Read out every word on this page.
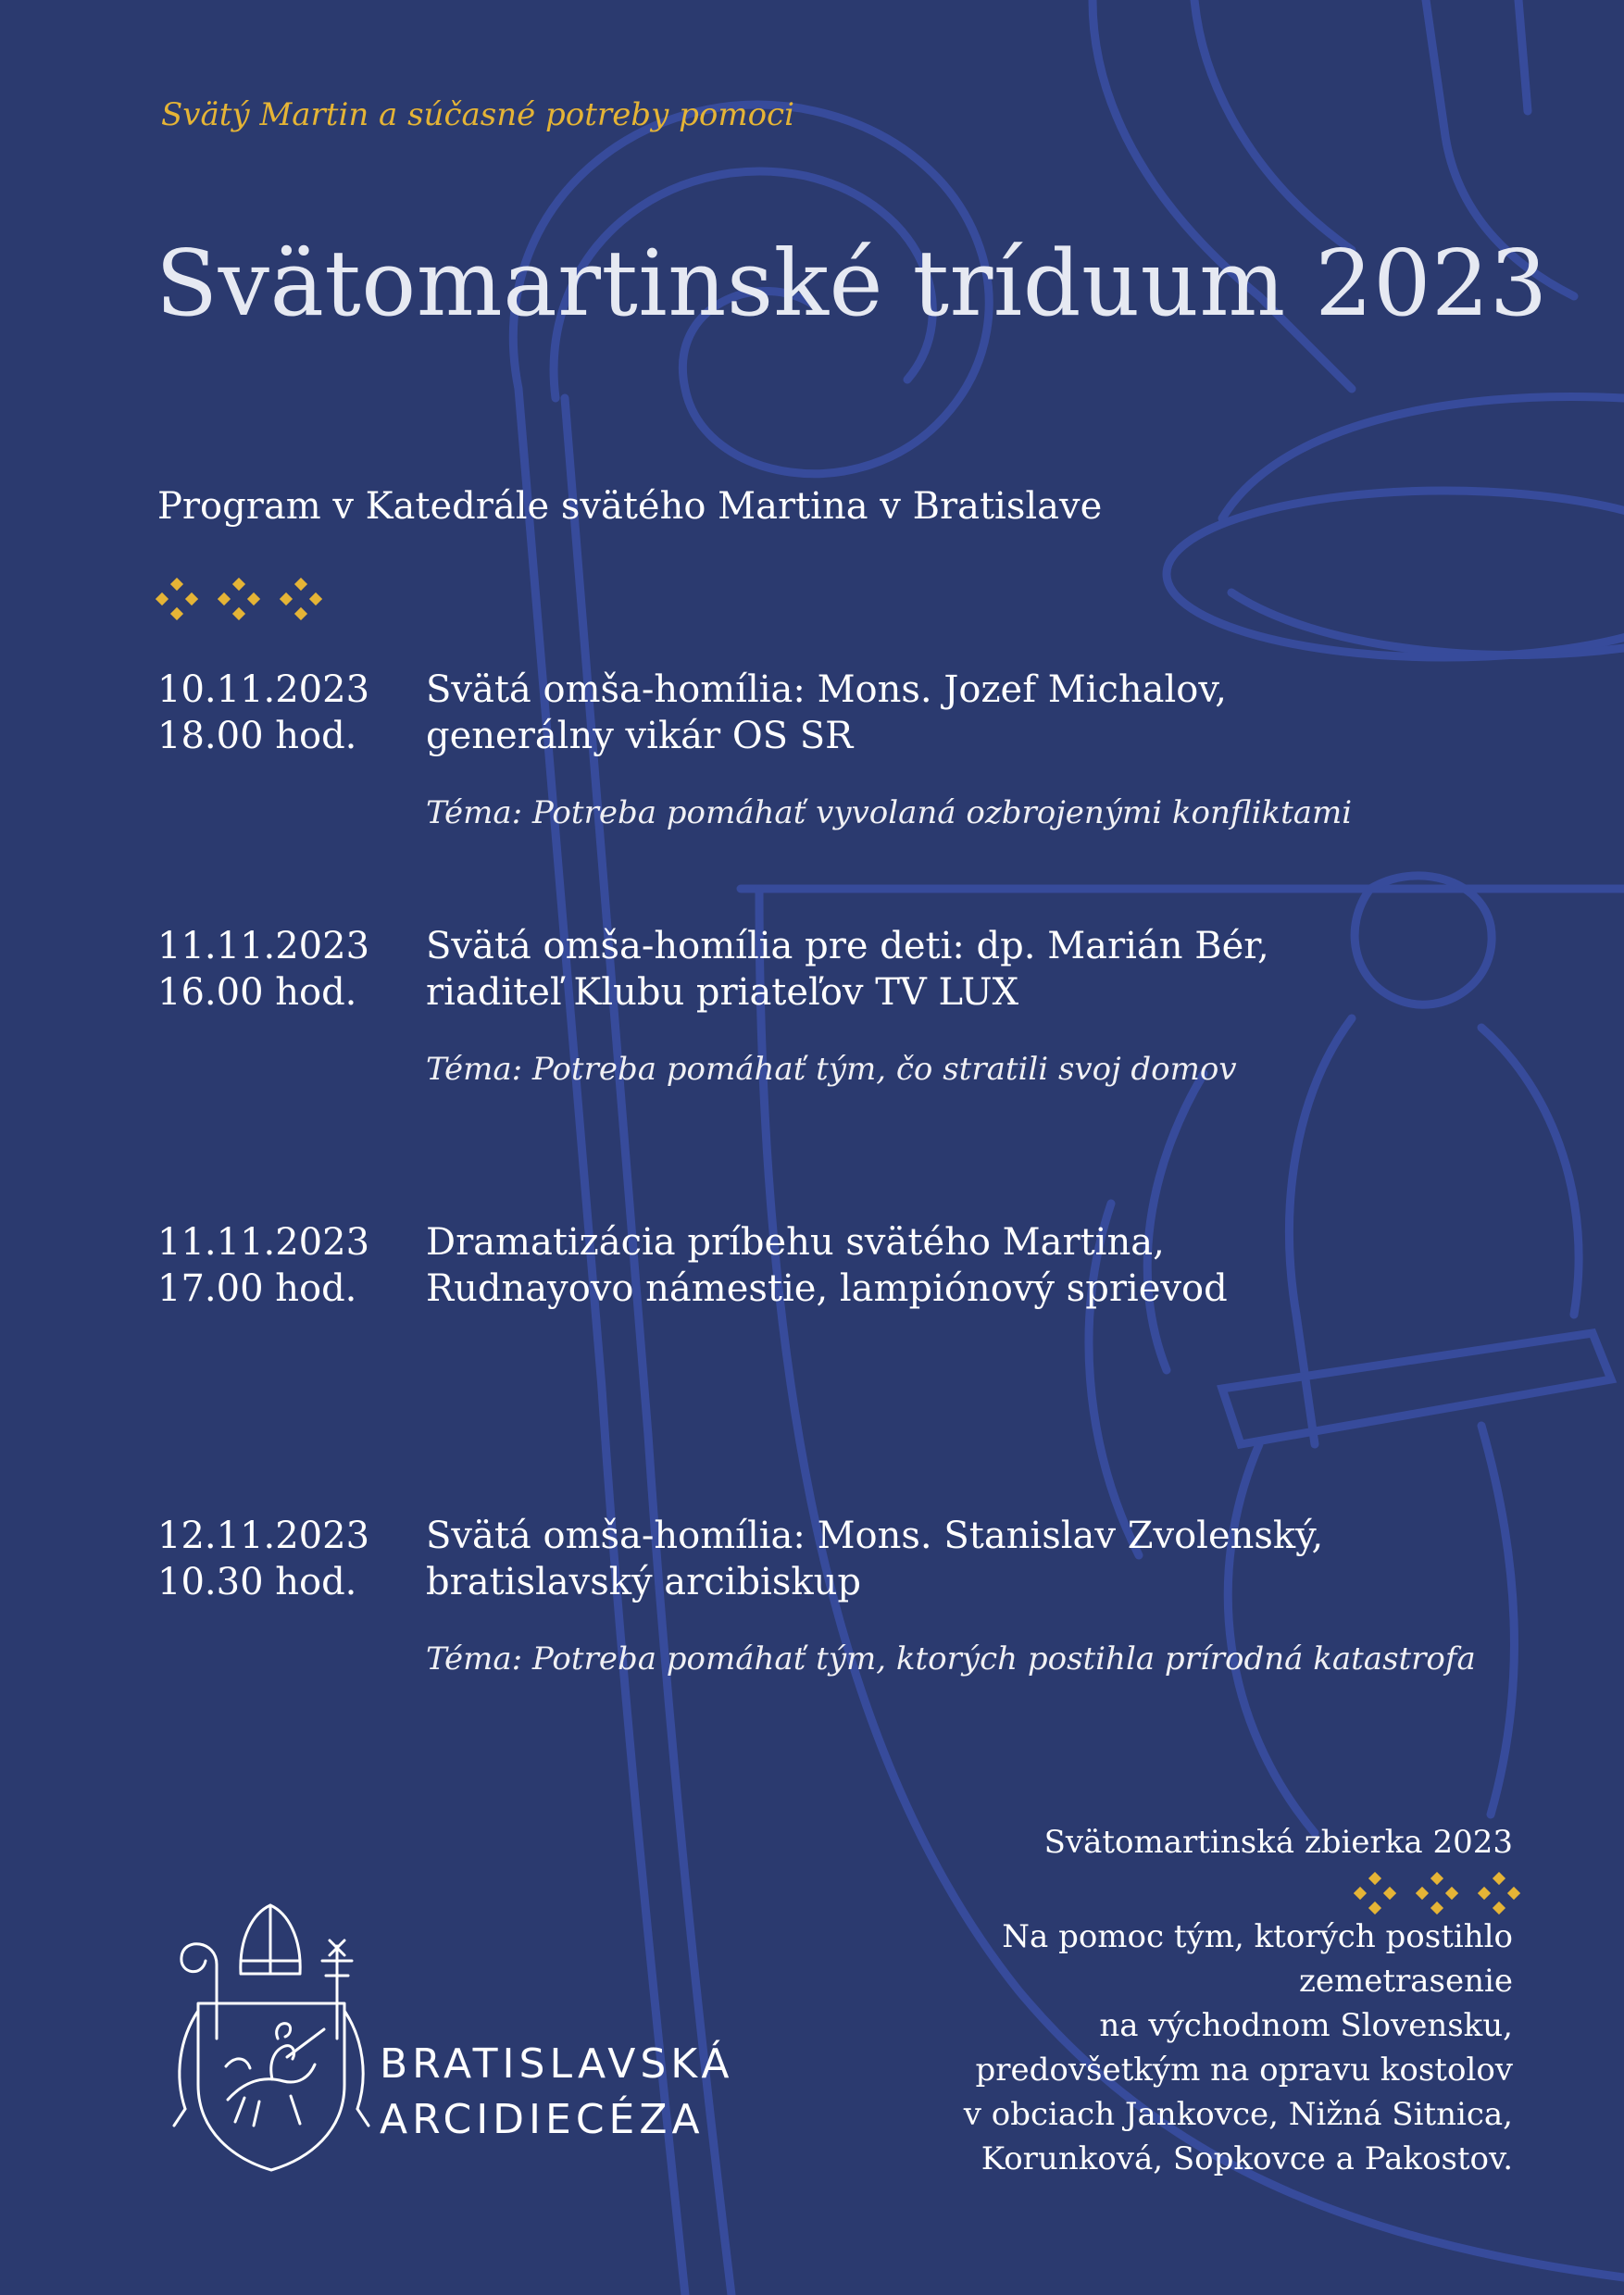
Svätý Martin a súčasné potreby pomoci

Svätomartinské tríduum 2023

Program v Katedrále svätého Martina v Bratislave

10.11.2023
18.00 hod.
Svätá omša-homília: Mons. Jozef Michalov,
generálny vikár OS SR

Téma: Potreba pomáhať vyvolaná ozbrojenými konfliktami

11.11.2023
16.00 hod.
Svätá omša-homília pre deti: dp. Marián Bér,
riaditeľ Klubu priateľov TV LUX

Téma: Potreba pomáhať tým, čo stratili svoj domov

11.11.2023
17.00 hod.
Dramatizácia príbehu svätého Martina,
Rudnayovo námestie, lampiónový sprievod
12.11.2023
10.30 hod.
Svätá omša-homília: Mons. Stanislav Zvolenský,
bratislavský arcibiskup

Téma: Potreba pomáhať tým, ktorých postihla prírodná katastrofa

Svätomartinská zbierka 2023

Na pomoc tým, ktorých postihlo
zemetrasenie
na východnom Slovensku,
predovšetkým na opravu kostolov
v obciach Jankovce, Nižná Sitnica,
Korunková, Sopkovce a Pakostov.
BRATISLAVSKÁ
ARCIDIECÉZA
